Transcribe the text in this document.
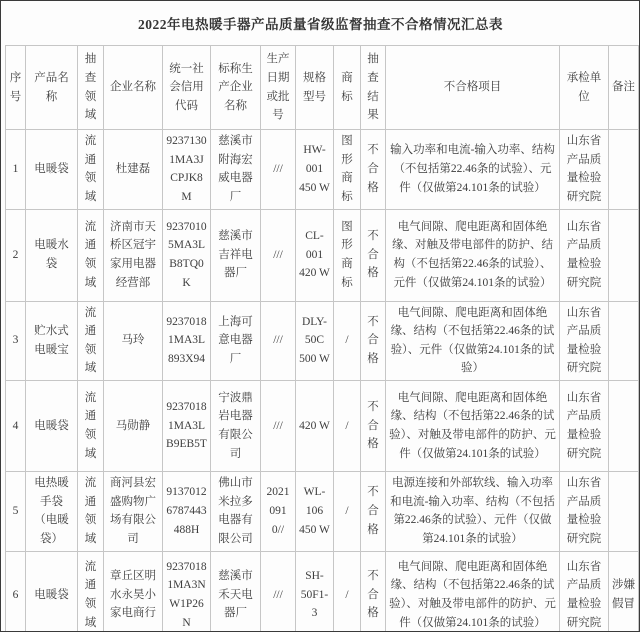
2022年电热暖手器产品质量省级监督抽查不合格情况汇总表
序号	产品名称	抽查领域	企业名称	统一社会信用代码	标称生产企业名称	生产日期或批号	规格型号	商标	抽查结果	不合格项目	承检单位	备注
1	电暖袋	流通领域	杜建磊	92371301MA3JCPJK8M	慈溪市附海宏威电器厂	///	HW-001 450 W	图形商标	不合格	输入功率和电流-输入功率、结构（不包括第22.46条的试验）、元件（仅做第24.101条的试验）	山东省产品质量检验研究院	
2	电暖水袋	流通领域	济南市天桥区冠宇家用电器经营部	92370105MA3LB8TQ0K	慈溪市吉祥电器厂	///	CL-001 420 W	图形商标	不合格	电气间隙、爬电距离和固体绝缘、对触及带电部件的防护、结构（不包括第22.46条的试验）、元件（仅做第24.101条的试验）	山东省产品质量检验研究院	
3	贮水式电暖宝	流通领域	马玲	92370181MA3L893X94	上海可意电器厂	///	DLY-50C 500 W	/	不合格	电气间隙、爬电距离和固体绝缘、结构（不包括第22.46条的试验）、元件（仅做第24.101条的试验）	山东省产品质量检验研究院	
4	电暖袋	流通领域	马勋静	92370181MA3LB9EB5T	宁波鼎岩电器有限公司	///	420 W	/	不合格	电气间隙、爬电距离和固体绝缘、结构（不包括第22.46条的试验）、对触及带电部件的防护、元件（仅做第24.101条的试验）	山东省产品质量检验研究院	
5	电热暖手袋（电暖袋）	流通领域	商河县宏盛购物广场有限公司	91370126787443488H	佛山市米拉多电器有限公司	20210910//	WL-106 450 W	/	不合格	电源连接和外部软线、输入功率和电流-输入功率、结构（不包括第22.46条的试验）、元件（仅做第24.101条的试验）	山东省产品质量检验研究院	
6	电暖袋	流通领域	章丘区明水永昊小家电商行	92370181MA3NW1P26N	慈溪市禾天电器厂	///	SH-50F1-3	/	不合格	电气间隙、爬电距离和固体绝缘、结构（不包括第22.46条的试验）、对触及带电部件的防护、元件（仅做第24.101条的试验）	山东省产品质量检验研究院	涉嫌假冒
